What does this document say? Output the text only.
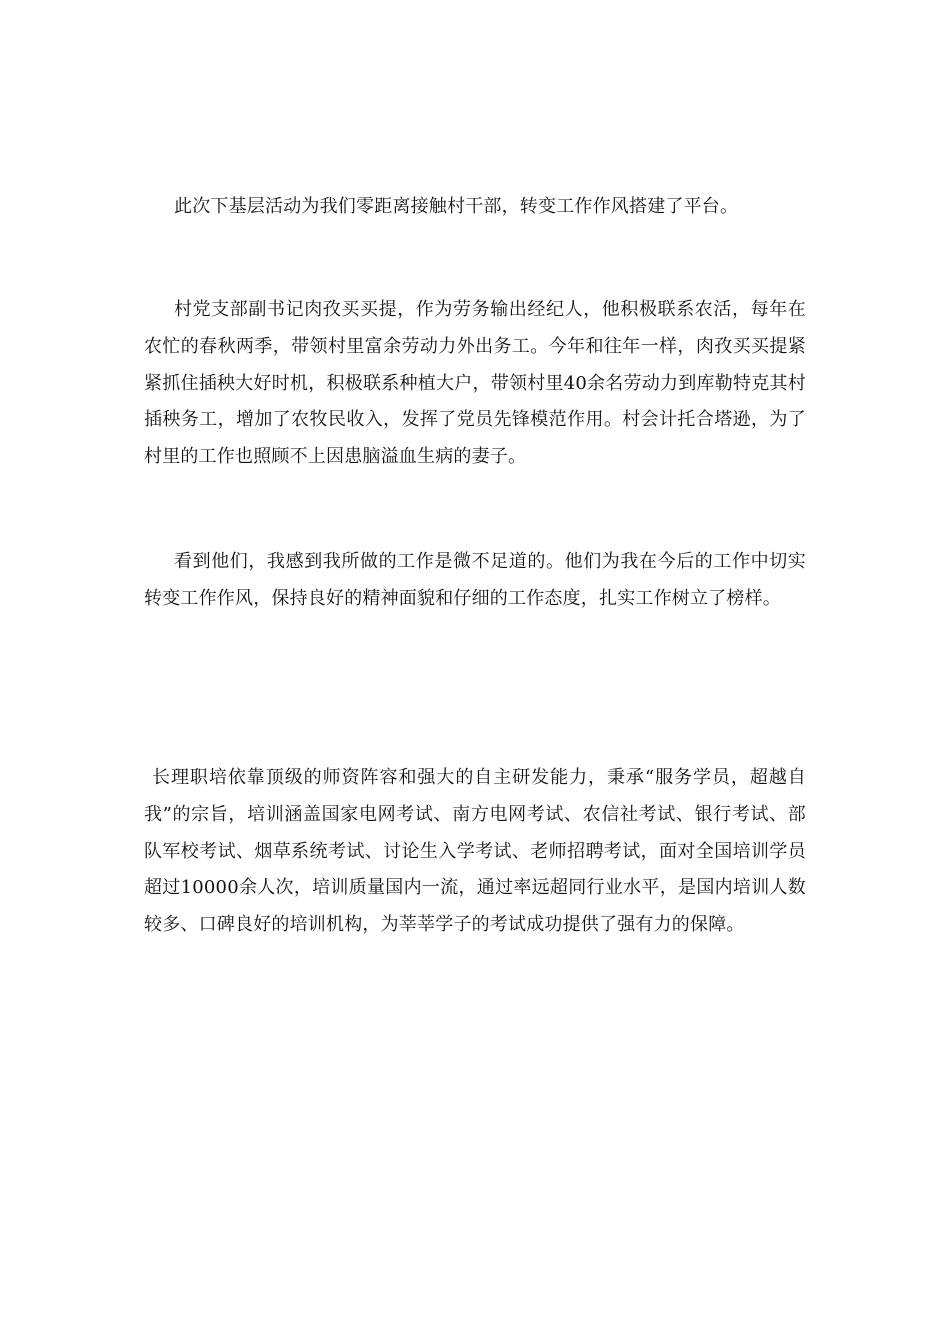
此次下基层活动为我们零距离接触村干部，转变工作作风搭建了平台。

村党支部副书记肉孜买买提，作为劳务输出经纪人，他积极联系农活，每年在农忙的春秋两季，带领村里富余劳动力外出务工。今年和往年一样，肉孜买买提紧紧抓住插秧大好时机，积极联系种植大户，带领村里40余名劳动力到库勒特克其村插秧务工，增加了农牧民收入，发挥了党员先锋模范作用。村会计托合塔逊，为了村里的工作也照顾不上因患脑溢血生病的妻子。

看到他们，我感到我所做的工作是微不足道的。他们为我在今后的工作中切实转变工作作风，保持良好的精神面貌和仔细的工作态度，扎实工作树立了榜样。

长理职培依靠顶级的师资阵容和强大的自主研发能力，秉承“服务学员，超越自我”的宗旨，培训涵盖国家电网考试、南方电网考试、农信社考试、银行考试、部队军校考试、烟草系统考试、讨论生入学考试、老师招聘考试，面对全国培训学员超过10000余人次，培训质量国内一流，通过率远超同行业水平，是国内培训人数较多、口碑良好的培训机构，为莘莘学子的考试成功提供了强有力的保障。
